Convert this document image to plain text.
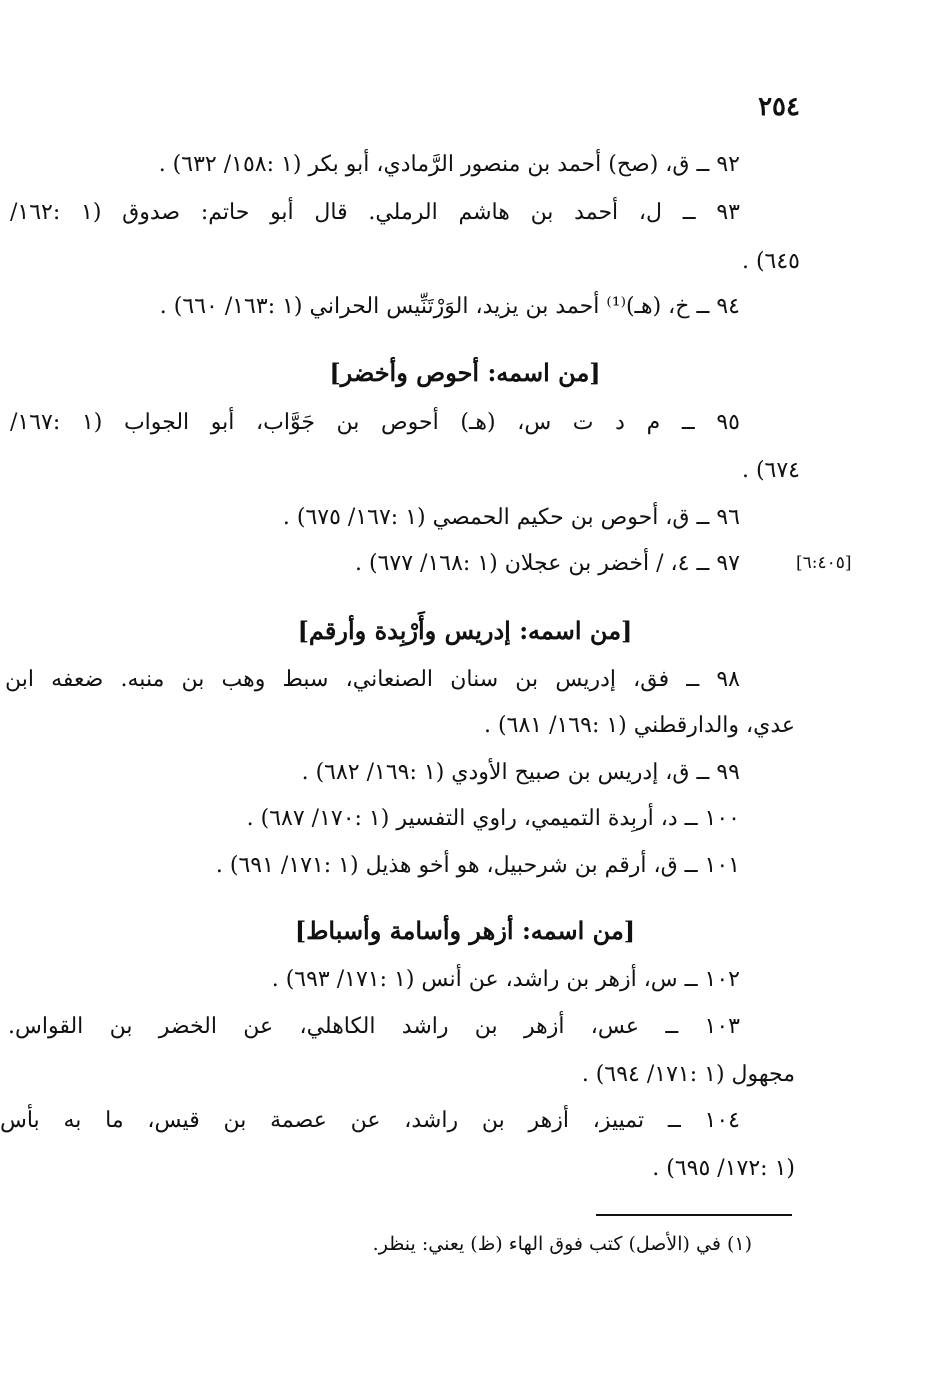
٢٥٤
٩٢ ــ ق، (صح) أحمد بن منصور الرَّمادي، أبو بكر (١ :١٥٨/ ٦٣٢) .
٩٣ ــ ل، أحمد بن هاشم الرملي. قال أبو حاتم: صدوق (١ :١٦٢/
٦٤٥) .
٩٤ ــ خ، (هـ)⁽¹⁾ أحمد بن يزيد، الوَرْتَنِّيس الحراني (١ :١٦٣/ ٦٦٠) .
[من اسمه: أحوص وأخضر]
٩٥ ــ م د ت س، (هـ) أحوص بن جَوَّاب، أبو الجواب (١ :١٦٧/
٦٧٤) .
٩٦ ــ ق، أحوص بن حكيم الحمصي (١ :١٦٧/ ٦٧٥) .
[٦:٤٠٥]
٩٧ ــ ٤، / أخضر بن عجلان (١ :١٦٨/ ٦٧٧) .
[من اسمه: إدريس وأَرْبِدة وأرقم]
٩٨ ــ فق، إدريس بن سنان الصنعاني، سبط وهب بن منبه. ضعفه ابن
عدي، والدارقطني (١ :١٦٩/ ٦٨١) .
٩٩ ــ ق، إدريس بن صبيح الأودي (١ :١٦٩/ ٦٨٢) .
١٠٠ ــ د، أربِدة التميمي، راوي التفسير (١ :١٧٠/ ٦٨٧) .
١٠١ ــ ق، أرقم بن شرحبيل، هو أخو هذيل (١ :١٧١/ ٦٩١) .
[من اسمه: أزهر وأسامة وأسباط]
١٠٢ ــ س، أزهر بن راشد، عن أنس (١ :١٧١/ ٦٩٣) .
١٠٣ ــ عس، أزهر بن راشد الكاهلي، عن الخضر بن القواس.
مجهول (١ :١٧١/ ٦٩٤) .
١٠٤ ــ تمييز، أزهر بن راشد، عن عصمة بن قيس، ما به بأس
(١ :١٧٢/ ٦٩٥) .
(١) في (الأصل) كتب فوق الهاء (ظ) يعني: ينظر.
